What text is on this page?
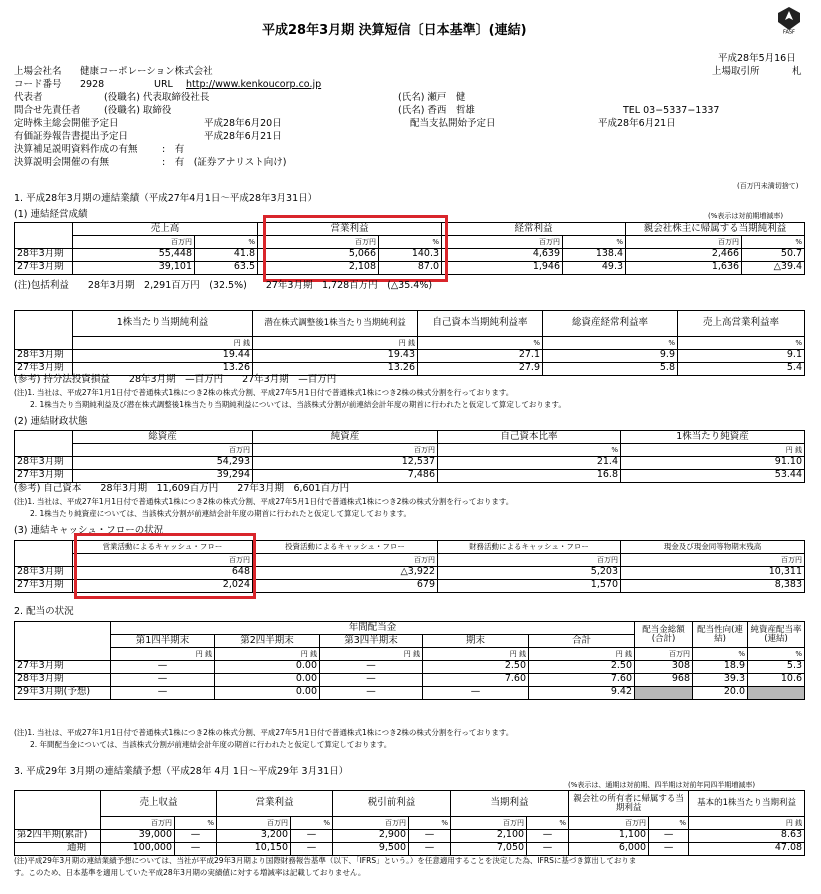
FASF
平成28年3月期 決算短信〔日本基準〕(連結)
平成28年5月16日
上場会社名 健康コーポレーション株式会社	上場取引所	札
コード番号 2928	URL http://www.kenkoucorp.co.jp
代表者	(役職名) 代表取締役社長	(氏名) 瀬戸　健
問合せ先責任者 (役職名) 取締役	(氏名) 香西　哲雄	TEL 03−5337−1337
定時株主総会開催予定日	平成28年6月20日	配当支払開始予定日	平成28年6月21日
有価証券報告書提出予定日	平成28年6月21日
決算補足説明資料作成の有無	:　有
決算説明会開催の有無	:　有　(証券アナリスト向け)
(百万円未満切捨て)
1. 平成28年3月期の連結業績（平成27年4月1日〜平成28年3月31日）
(1) 連結経営成績	(%表示は対前期増減率)
	売上高		営業利益		経常利益		親会社株主に帰属する当期純利益	
	百万円	%	百万円	%	百万円	%	百万円	%
28年3月期	55,448	41.8	5,066	140.3	4,639	138.4	2,466	50.7
27年3月期	39,101	63.5	2,108	87.0	1,946	49.3	1,636	△39.4
(注)包括利益　　28年3月期　2,291百万円　(32.5%)　　27年3月期　1,728百万円　(△35.4%)
	1株当たり当期純利益	潜在株式調整後1株当たり当期純利益	自己資本当期純利益率	総資産経常利益率	売上高営業利益率
	円 銭	円 銭	%	%	%
28年3月期	19.44	19.43	27.1	9.9	9.1
27年3月期	13.26	13.26	27.9	5.8	5.4
(参考) 持分法投資損益　　28年3月期　—百万円　　27年3月期　—百万円
(注)1. 当社は、平成27年1月1日付で普通株式1株につき2株の株式分割、平成27年5月1日付で普通株式1株につき2株の株式分割を行っております。
2. 1株当たり当期純利益及び潜在株式調整後1株当たり当期純利益については、当該株式分割が前連結会計年度の期首に行われたと仮定して算定しております。
(2) 連結財政状態
	総資産	純資産	自己資本比率	1株当たり純資産
	百万円	百万円	%	円 銭
28年3月期	54,293	12,537	21.4	91.10
27年3月期	39,294	7,486	16.8	53.44
(参考) 自己資本　　28年3月期　11,609百万円　　27年3月期　6,601百万円
(注)1. 当社は、平成27年1月1日付で普通株式1株につき2株の株式分割、平成27年5月1日付で普通株式1株につき2株の株式分割を行っております。
2. 1株当たり純資産については、当該株式分割が前連結会計年度の期首に行われたと仮定して算定しております。
(3) 連結キャッシュ・フローの状況
	営業活動によるキャッシュ・フロー	投資活動によるキャッシュ・フロー	財務活動によるキャッシュ・フロー	現金及び現金同等物期末残高
	百万円	百万円	百万円	百万円
28年3月期	648	△3,922	5,203	10,311
27年3月期	2,024	679	1,570	8,383
2. 配当の状況
	年間配当金					配当金総額(合計)	配当性向(連結)	純資産配当率(連結)
	第1四半期末	第2四半期末	第3四半期末	期末	合計			
	円 銭	円 銭	円 銭	円 銭	円 銭	百万円	%	%
27年3月期	—	0.00	—	2.50	2.50	308	18.9	5.3
28年3月期	—	0.00	—	7.60	7.60	968	39.3	10.6
29年3月期(予想)	—	0.00	—	—	9.42		20.0	
(注)1. 当社は、平成27年1月1日付で普通株式1株につき2株の株式分割、平成27年5月1日付で普通株式1株につき2株の株式分割を行っております。
2. 年間配当金については、当該株式分割が前連結会計年度の期首に行われたと仮定して算定しております。
3. 平成29年 3月期の連結業績予想（平成28年 4月 1日〜平成29年 3月31日）
(%表示は、通期は対前期、四半期は対前年同四半期増減率)
	売上収益		営業利益		税引前利益		当期利益		親会社の所有者に帰属する当期利益		基本的1株当たり当期利益
	百万円	%	百万円	%	百万円	%	百万円	%	百万円	%	円 銭
第2四半期(累計)	39,000	—	3,200	—	2,900	—	2,100	—	1,100	—	8.63
通期	100,000	—	10,150	—	9,500	—	7,050	—	6,000	—	47.08
(注)平成29年3月期の連結業績予想については、当社が平成29年3月期より国際財務報告基準（以下、「IFRS」という。）を任意適用することを決定した為、IFRSに基づき算出しておりま
す。このため、日本基準を適用していた平成28年3月期の実績値に対する増減率は記載しておりません。
